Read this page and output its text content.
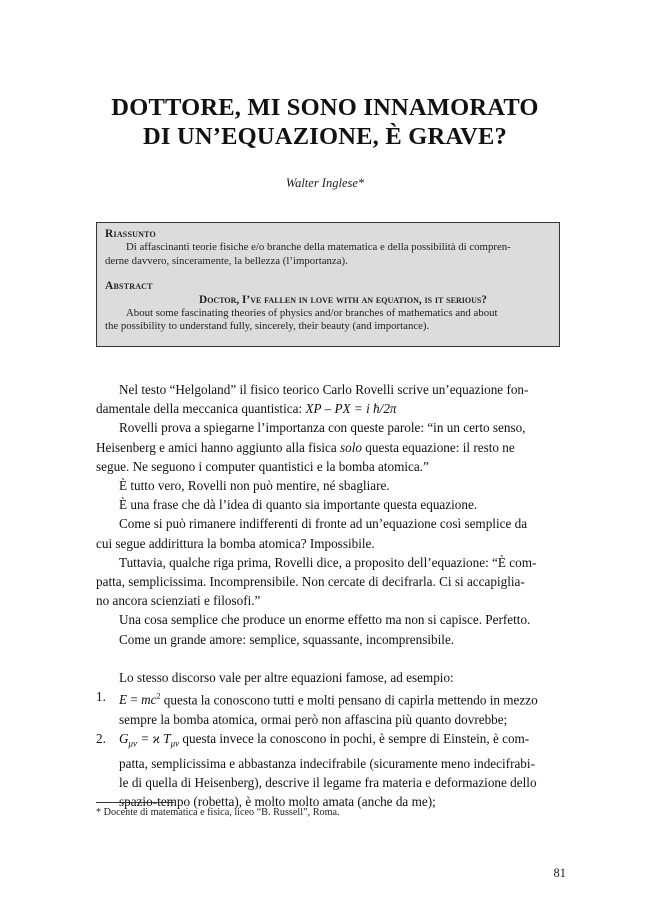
DOTTORE, MI SONO INNAMORATO
DI UN’EQUAZIONE, È GRAVE?
Walter Inglese*
Riassunto
Di affascinanti teorie fisiche e/o branche della matematica e della possibilità di compren-
derne davvero, sinceramente, la bellezza (l’importanza).
Abstract
Doctor, I’ve fallen in love with an equation, is it serious?
About some fascinating theories of physics and/or branches of mathematics and about
the possibility to understand fully, sincerely, their beauty (and importance).
Nel testo “Helgoland” il fisico teorico Carlo Rovelli scrive un’equazione fon-
damentale della meccanica quantistica: XP – PX = i ħ/2π
Rovelli prova a spiegarne l’importanza con queste parole: “in un certo senso,
Heisenberg e amici hanno aggiunto alla fisica solo questa equazione: il resto ne
segue. Ne seguono i computer quantistici e la bomba atomica.”
È tutto vero, Rovelli non può mentire, né sbagliare.
È una frase che dà l’idea di quanto sia importante questa equazione.
Come si può rimanere indifferenti di fronte ad un’equazione così semplice da
cui segue addirittura la bomba atomica? Impossibile.
Tuttavia, qualche riga prima, Rovelli dice, a proposito dell’equazione: “È com-
patta, semplicissima. Incomprensibile. Non cercate di decifrarla. Ci si accapiglia-
no ancora scienziati e filosofi.”
Una cosa semplice che produce un enorme effetto ma non si capisce. Perfetto.
Come un grande amore: semplice, squassante, incomprensibile.
Lo stesso discorso vale per altre equazioni famose, ad esempio:
1. $E = mc^2$ questa la conoscono tutti e molti pensano di capirla mettendo in mezzo
sempre la bomba atomica, ormai però non affascina più quanto dovrebbe;
2. $G_{\mu\nu} = ϰ$ $T_{\mu\nu}$ questa invece la conoscono in pochi, è sempre di Einstein, è com-
patta, semplicissima e abbastanza indecifrabile (sicuramente meno indecifrabi-
le di quella di Heisenberg), descrive il legame fra materia e deformazione dello
spazio-tempo (robetta), è molto molto amata (anche da me);
* Docente di matematica e fisica, liceo “B. Russell”, Roma.
81
